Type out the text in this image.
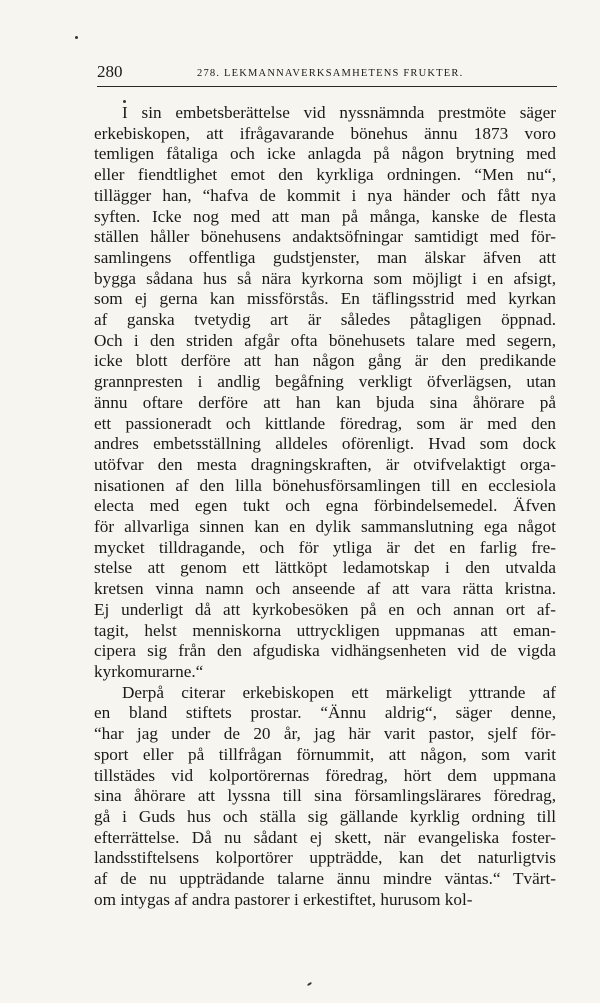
280	278. LEKMANNAVERKSAMHETENS FRUKTER.
I sin embetsberättelse vid nyssnämnda prestmöte säger
erkebiskopen, att ifrågavarande bönehus ännu 1873 voro
temligen fåtaliga och icke anlagda på någon brytning med
eller fiendtlighet emot den kyrkliga ordningen. “Men nu“,
tillägger han, “hafva de kommit i nya händer och fått nya
syften. Icke nog med att man på många, kanske de flesta
ställen håller bönehusens andaktsöfningar samtidigt med för-
samlingens offentliga gudstjenster, man älskar äfven att
bygga sådana hus så nära kyrkorna som möjligt i en afsigt,
som ej gerna kan missförstås. En täflingsstrid med kyrkan
af ganska tvetydig art är således påtagligen öppnad.
Och i den striden afgår ofta bönehusets talare med segern,
icke blott derföre att han någon gång är den predikande
grannpresten i andlig begåfning verkligt öfverlägsen, utan
ännu oftare derföre att han kan bjuda sina åhörare på
ett passioneradt och kittlande föredrag, som är med den
andres embetsställning alldeles oförenligt. Hvad som dock
utöfvar den mesta dragningskraften, är otvifvelaktigt orga-
nisationen af den lilla bönehusförsamlingen till en ecclesiola
electa med egen tukt och egna förbindelsemedel. Äfven
för allvarliga sinnen kan en dylik sammanslutning ega något
mycket tilldragande, och för ytliga är det en farlig fre-
stelse att genom ett lättköpt ledamotskap i den utvalda
kretsen vinna namn och anseende af att vara rätta kristna.
Ej underligt då att kyrkobesöken på en och annan ort af-
tagit, helst menniskorna uttryckligen uppmanas att eman-
cipera sig från den afgudiska vidhängsenheten vid de vigda
kyrkomurarne.“
Derpå citerar erkebiskopen ett märkeligt yttrande af
en bland stiftets prostar. “Ännu aldrig“, säger denne,
“har jag under de 20 år, jag här varit pastor, sjelf för-
sport eller på tillfrågan förnummit, att någon, som varit
tillstädes vid kolportörernas föredrag, hört dem uppmana
sina åhörare att lyssna till sina församlingslärares föredrag,
gå i Guds hus och ställa sig gällande kyrklig ordning till
efterrättelse. Då nu sådant ej skett, när evangeliska foster-
landsstiftelsens kolportörer uppträdde, kan det naturligtvis
af de nu uppträdande talarne ännu mindre väntas.“ Tvärt-
om intygas af andra pastorer i erkestiftet, hurusom kol-
